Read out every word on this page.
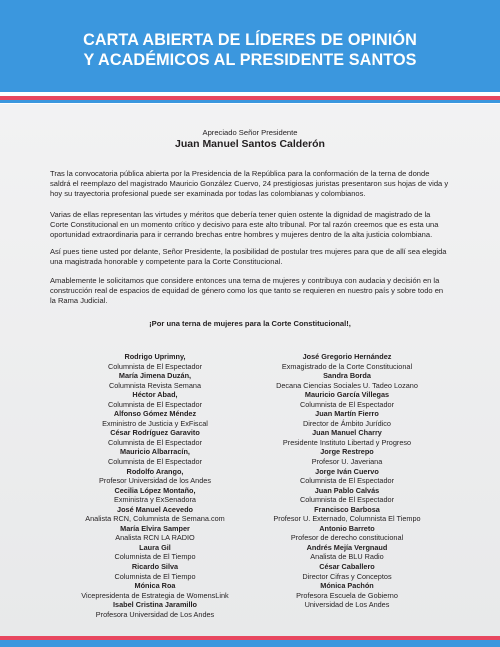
CARTA ABIERTA DE LÍDERES DE OPINIÓN
Y ACADÉMICOS AL PRESIDENTE SANTOS
Apreciado Señor Presidente
Juan Manuel Santos Calderón

Tras la convocatoria pública abierta por la Presidencia de la República para la conformación de la terna de donde saldrá el reemplazo del magistrado Mauricio González Cuervo, 24 prestigiosas juristas presentaron sus hojas de vida y hoy su trayectoria profesional puede ser examinada por todas las colombianas y colombianos.

Varias de ellas representan las virtudes y méritos que debería tener quien ostente la dignidad de magistrado de la Corte Constitucional en un momento crítico y decisivo para este alto tribunal. Por tal razón creemos que es esta una oportunidad extraordinaria para ir cerrando brechas entre hombres y mujeres dentro de la alta justicia colombiana.

Así pues tiene usted por delante, Señor Presidente, la posibilidad de postular tres mujeres para que de allí sea elegida una magistrada honorable y competente para la Corte Constitucional.

Amablemente le solicitamos que considere entonces una terna de mujeres y contribuya con audacia y decisión en la construcción real de espacios de equidad de género como los que tanto se requieren en nuestro país y sobre todo en la Rama Judicial.

¡Por una terna de mujeres para la Corte Constitucional!,
Rodrigo Uprimny,
Columnista de El Espectador
María Jimena Duzán,
Columnista Revista Semana
Héctor Abad,
Columnista de El Espectador
Alfonso Gómez Méndez
Exministro de Justicia y ExFiscal
César Rodríguez Garavito
Columnista de El Espectador
Mauricio Albarracín,
Columnista de El Espectador
Rodolfo Arango,
Profesor Universidad de los Andes
Cecilia López Montaño,
Exministra y ExSenadora
José Manuel Acevedo
Analista RCN, Columnista de Semana.com
María Elvira Samper
Analista RCN LA RADIO
Laura Gil
Columnista de El Tiempo
Ricardo Silva
Columnista de El Tiempo
Mónica Roa
Vicepresidenta de Estrategia de WomensLink
Isabel Cristina Jaramillo
Profesora Universidad de Los Andes
José Gregorio Hernández
Exmagistrado de la Corte Constitucional
Sandra Borda
Decana Ciencias Sociales U. Tadeo Lozano
Mauricio García Villegas
Columnista de El Espectador
Juan Martín Fierro
Director de Ámbito Jurídico
Juan Manuel Charry
Presidente Instituto Libertad y Progreso
Jorge Restrepo
Profesor U. Javeriana
Jorge Iván Cuervo
Columnista de El Espectador
Juan Pablo Calvás
Columnista de El Espectador
Francisco Barbosa
Profesor U. Externado, Columnista El Tiempo
Antonio Barreto
Profesor de derecho constitucional
Andrés Mejía Vergnaud
Analista de BLU Radio
César Caballero
Director Cifras y Conceptos
Mónica Pachón
Profesora Escuela de Gobierno
Universidad de Los Andes
